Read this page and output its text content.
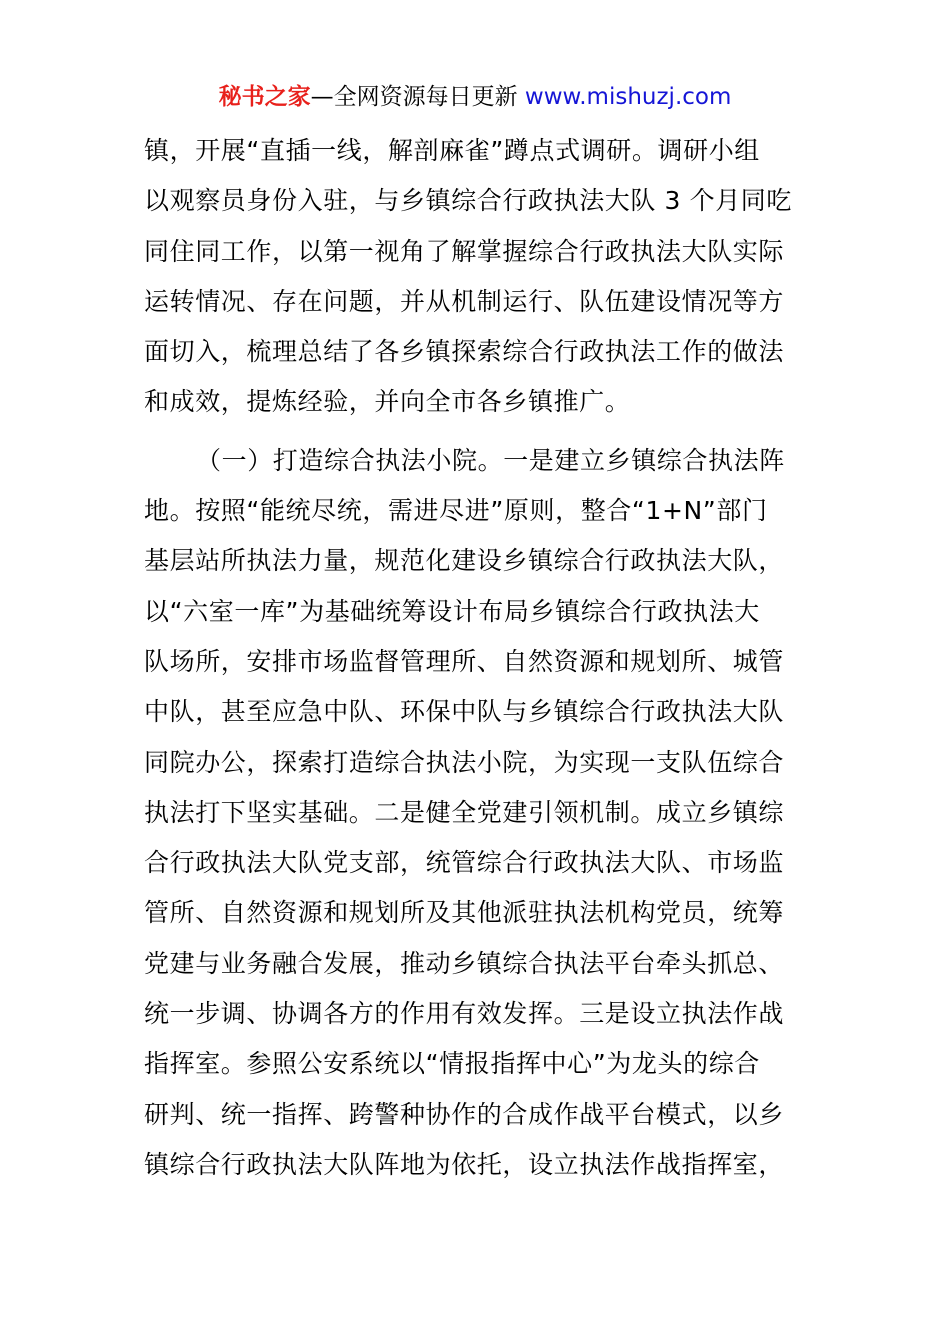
秘书之家—全网资源每日更新 www.mishuzj.com
镇，开展“直插一线，解剖麻雀”蹲点式调研。调研小组
以观察员身份入驻，与乡镇综合行政执法大队 3 个月同吃
同住同工作，以第一视角了解掌握综合行政执法大队实际
运转情况、存在问题，并从机制运行、队伍建设情况等方
面切入，梳理总结了各乡镇探索综合行政执法工作的做法
和成效，提炼经验，并向全市各乡镇推广。
（一）打造综合执法小院。一是建立乡镇综合执法阵
地。按照“能统尽统，需进尽进”原则，整合“1+N”部门
基层站所执法力量，规范化建设乡镇综合行政执法大队，
以“六室一库”为基础统筹设计布局乡镇综合行政执法大
队场所，安排市场监督管理所、自然资源和规划所、城管
中队，甚至应急中队、环保中队与乡镇综合行政执法大队
同院办公，探索打造综合执法小院，为实现一支队伍综合
执法打下坚实基础。二是健全党建引领机制。成立乡镇综
合行政执法大队党支部，统管综合行政执法大队、市场监
管所、自然资源和规划所及其他派驻执法机构党员，统筹
党建与业务融合发展，推动乡镇综合执法平台牵头抓总、
统一步调、协调各方的作用有效发挥。三是设立执法作战
指挥室。参照公安系统以“情报指挥中心”为龙头的综合
研判、统一指挥、跨警种协作的合成作战平台模式，以乡
镇综合行政执法大队阵地为依托，设立执法作战指挥室，
